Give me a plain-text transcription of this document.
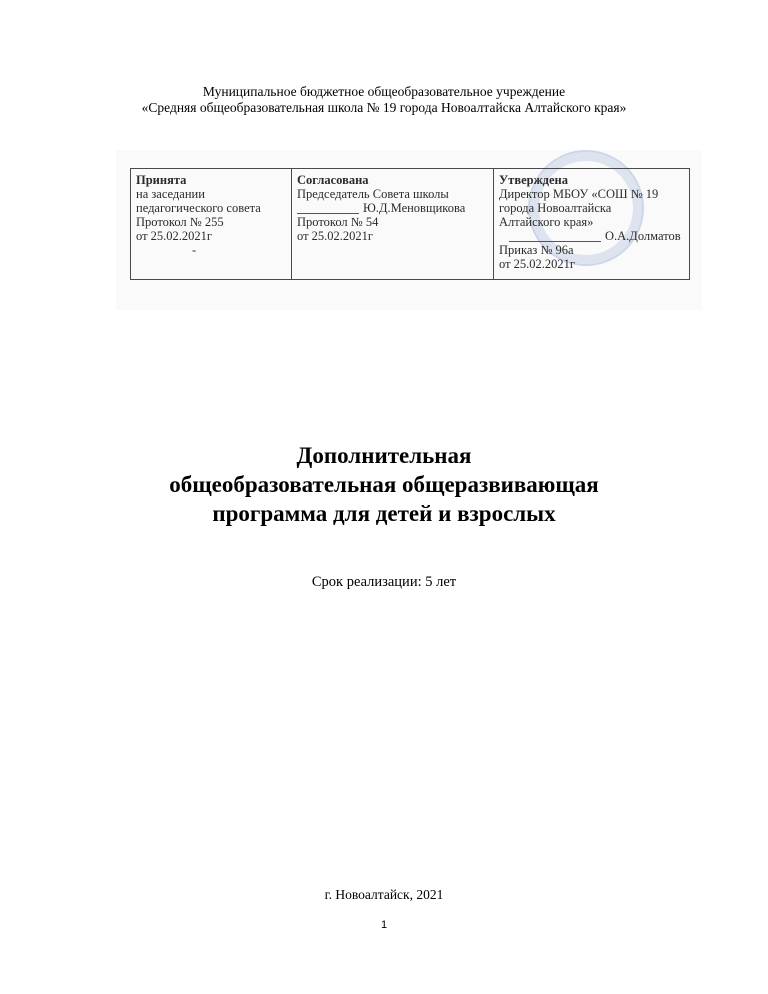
Муниципальное бюджетное общеобразовательное учреждение
«Средняя общеобразовательная школа № 19 города Новоалтайска Алтайского края»
Принята
на заседании
педагогического совета
Протокол № 255
от 25.02.2021г
-
Согласована
Председатель Совета школы
Ю.Д.Меновщикова
Протокол № 54
от 25.02.2021г
Утверждена
Директор МБОУ «СОШ № 19
города Новоалтайска
Алтайского края»
О.А.Долматов
Приказ № 96а
от 25.02.2021г
Дополнительная
общеобразовательная общеразвивающая
программа для детей и взрослых
Срок реализации: 5 лет
г. Новоалтайск, 2021
1
